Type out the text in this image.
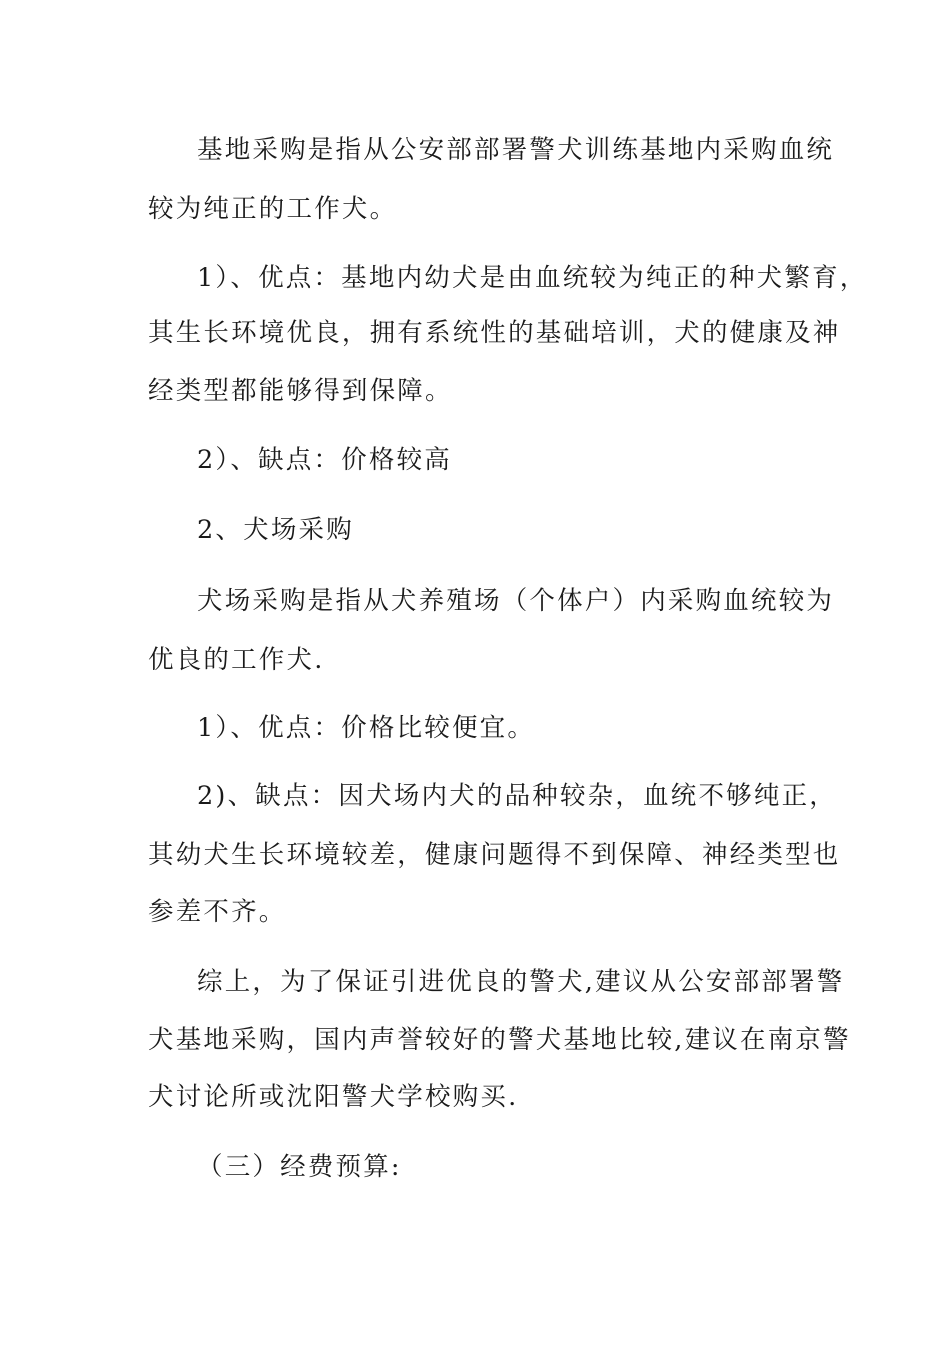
基地采购是指从公安部部署警犬训练基地内采购血统
较为纯正的工作犬。
1）、优点：基地内幼犬是由血统较为纯正的种犬繁育，
其生长环境优良，拥有系统性的基础培训，犬的健康及神
经类型都能够得到保障。
2）、缺点：价格较高
2、犬场采购
犬场采购是指从犬养殖场（个体户）内采购血统较为
优良的工作犬.
1）、优点：价格比较便宜。
2)、缺点：因犬场内犬的品种较杂，血统不够纯正，
其幼犬生长环境较差，健康问题得不到保障、神经类型也
参差不齐。
综上，为了保证引进优良的警犬,建议从公安部部署警
犬基地采购，国内声誉较好的警犬基地比较,建议在南京警
犬讨论所或沈阳警犬学校购买.
（三）经费预算:
